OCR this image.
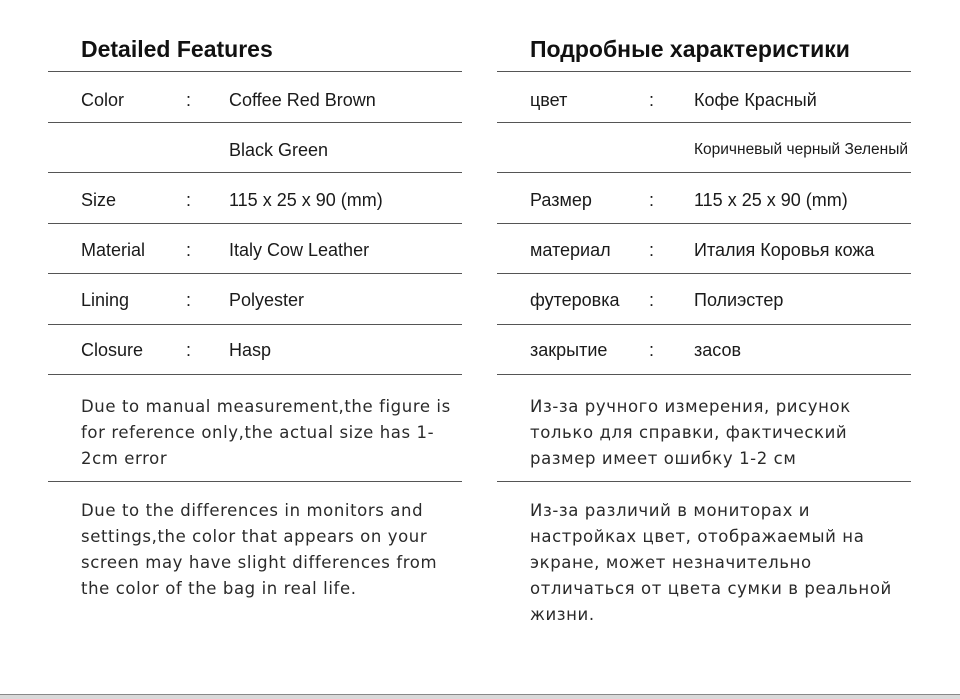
Detailed Features
Color	: Coffee Red Brown
Black Green
Size	: 115 x 25 x 90 (mm)
Material : Italy Cow Leather
Lining	: Polyester
Closure : Hasp
Due to manual measurement,the figure is for reference only,the actual size has 1-2cm error
Due to the differences in monitors and settings,the color that appears on your screen may have slight differences from the color of the bag in real life.
Подробные характеристики
цвет	: Кофе Красный
Коричневый черный Зеленый
Размер	: 115 x 25 x 90 (mm)
материал : Италия Коровья кожа
футеровка : Полиэстер
закрытие : засов
Из-за ручного измерения, рисунок только для справки, фактический размер имеет ошибку 1-2 см
Из-за различий в мониторах и настройках цвет, отображаемый на экране, может незначительно отличаться от цвета сумки в реальной жизни.
